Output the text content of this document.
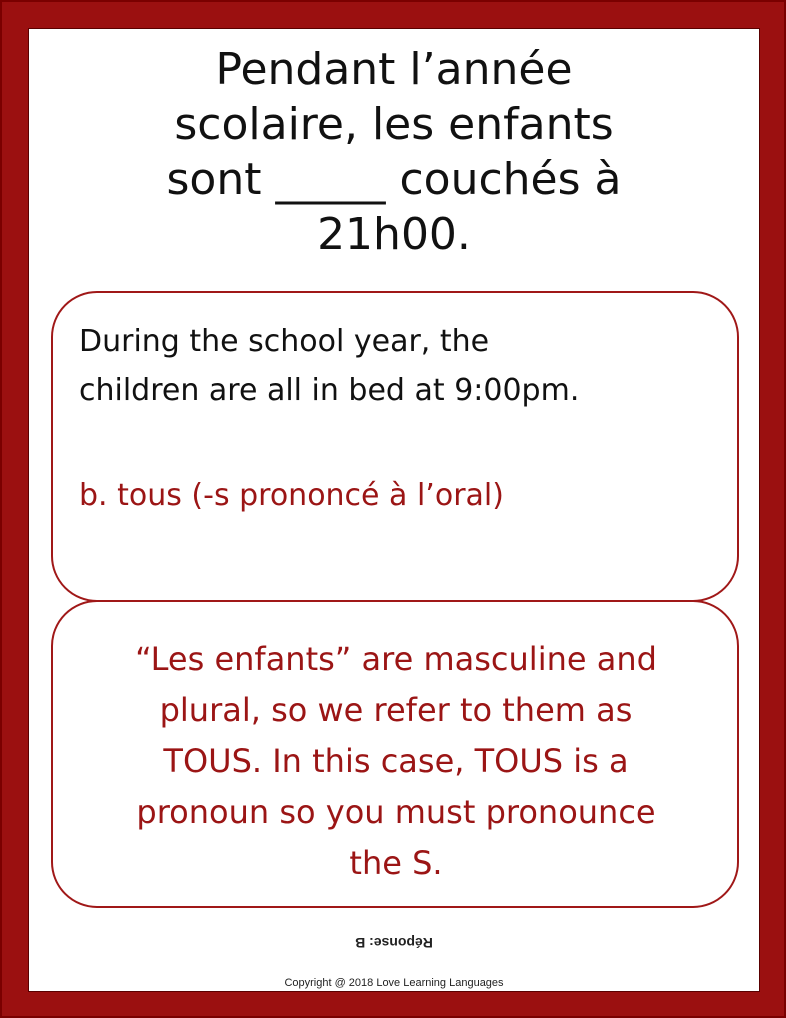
Pendant l’année
scolaire, les enfants
sont _____ couchés à
21h00.
During the school year, the
children are all in bed at 9:00pm.
b. tous (-s prononcé à l’oral)
“Les enfants” are masculine and
plural, so we refer to them as
TOUS. In this case, TOUS is a
pronoun so you must pronounce
the S.
Réponse: B
Copyright @ 2018 Love Learning Languages
